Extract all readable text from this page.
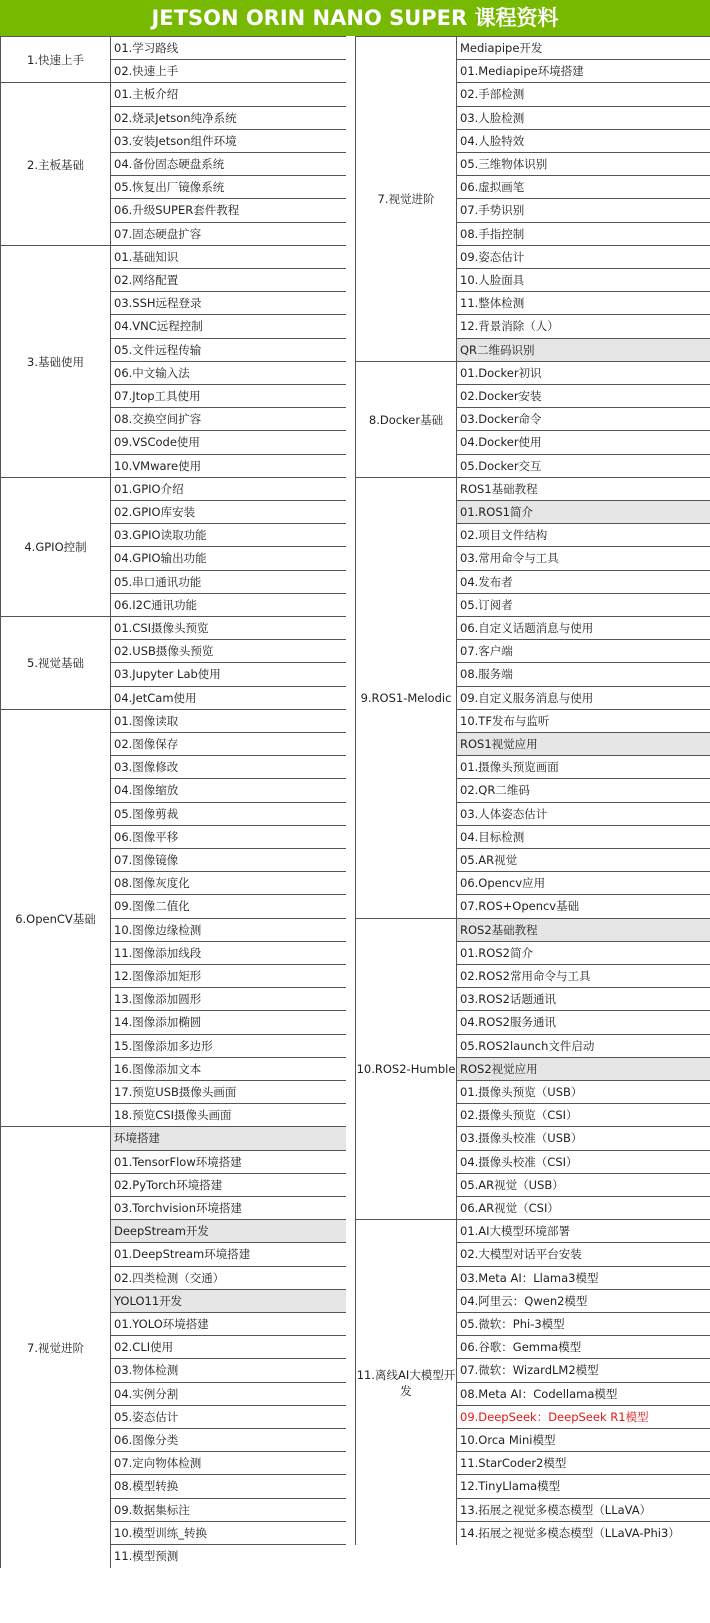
JETSON ORIN NANO SUPER 课程资料
1.快速上手
01.学习路线
02.快速上手
2.主板基础
01.主板介绍
02.烧录Jetson纯净系统
03.安装Jetson组件环境
04.备份固态硬盘系统
05.恢复出厂镜像系统
06.升级SUPER套件教程
07.固态硬盘扩容
3.基础使用
01.基础知识
02.网络配置
03.SSH远程登录
04.VNC远程控制
05.文件远程传输
06.中文输入法
07.Jtop工具使用
08.交换空间扩容
09.VSCode使用
10.VMware使用
4.GPIO控制
01.GPIO介绍
02.GPIO库安装
03.GPIO读取功能
04.GPIO输出功能
05.串口通讯功能
06.I2C通讯功能
5.视觉基础
01.CSI摄像头预览
02.USB摄像头预览
03.Jupyter Lab使用
04.JetCam使用
6.OpenCV基础
01.图像读取
02.图像保存
03.图像修改
04.图像缩放
05.图像剪裁
06.图像平移
07.图像镜像
08.图像灰度化
09.图像二值化
10.图像边缘检测
11.图像添加线段
12.图像添加矩形
13.图像添加圆形
14.图像添加椭圆
15.图像添加多边形
16.图像添加文本
17.预览USB摄像头画面
18.预览CSI摄像头画面
7.视觉进阶
环境搭建
01.TensorFlow环境搭建
02.PyTorch环境搭建
03.Torchvision环境搭建
DeepStream开发
01.DeepStream环境搭建
02.四类检测（交通）
YOLO11开发
01.YOLO环境搭建
02.CLI使用
03.物体检测
04.实例分割
05.姿态估计
06.图像分类
07.定向物体检测
08.模型转换
09.数据集标注
10.模型训练_转换
11.模型预测
7.视觉进阶
Mediapipe开发
01.Mediapipe环境搭建
02.手部检测
03.人脸检测
04.人脸特效
05.三维物体识别
06.虚拟画笔
07.手势识别
08.手指控制
09.姿态估计
10.人脸面具
11.整体检测
12.背景消除（人）
QR二维码识别
8.Docker基础
01.Docker初识
02.Docker安装
03.Docker命令
04.Docker使用
05.Docker交互
9.ROS1-Melodic
ROS1基础教程
01.ROS1简介
02.项目文件结构
03.常用命令与工具
04.发布者
05.订阅者
06.自定义话题消息与使用
07.客户端
08.服务端
09.自定义服务消息与使用
10.TF发布与监听
ROS1视觉应用
01.摄像头预览画面
02.QR二维码
03.人体姿态估计
04.目标检测
05.AR视觉
06.Opencv应用
07.ROS+Opencv基础
10.ROS2-Humble
ROS2基础教程
01.ROS2简介
02.ROS2常用命令与工具
03.ROS2话题通讯
04.ROS2服务通讯
05.ROS2launch文件启动
ROS2视觉应用
01.摄像头预览（USB）
02.摄像头预览（CSI）
03.摄像头校准（USB）
04.摄像头校准（CSI）
05.AR视觉（USB）
06.AR视觉（CSI）
11.离线AI大模型开发
01.AI大模型环境部署
02.大模型对话平台安装
03.Meta AI：Llama3模型
04.阿里云：Qwen2模型
05.微软：Phi-3模型
06.谷歌：Gemma模型
07.微软：WizardLM2模型
08.Meta AI：Codellama模型
09.DeepSeek：DeepSeek R1模型
10.Orca Mini模型
11.StarCoder2模型
12.TinyLlama模型
13.拓展之视觉多模态模型（LLaVA）
14.拓展之视觉多模态模型（LLaVA-Phi3）
